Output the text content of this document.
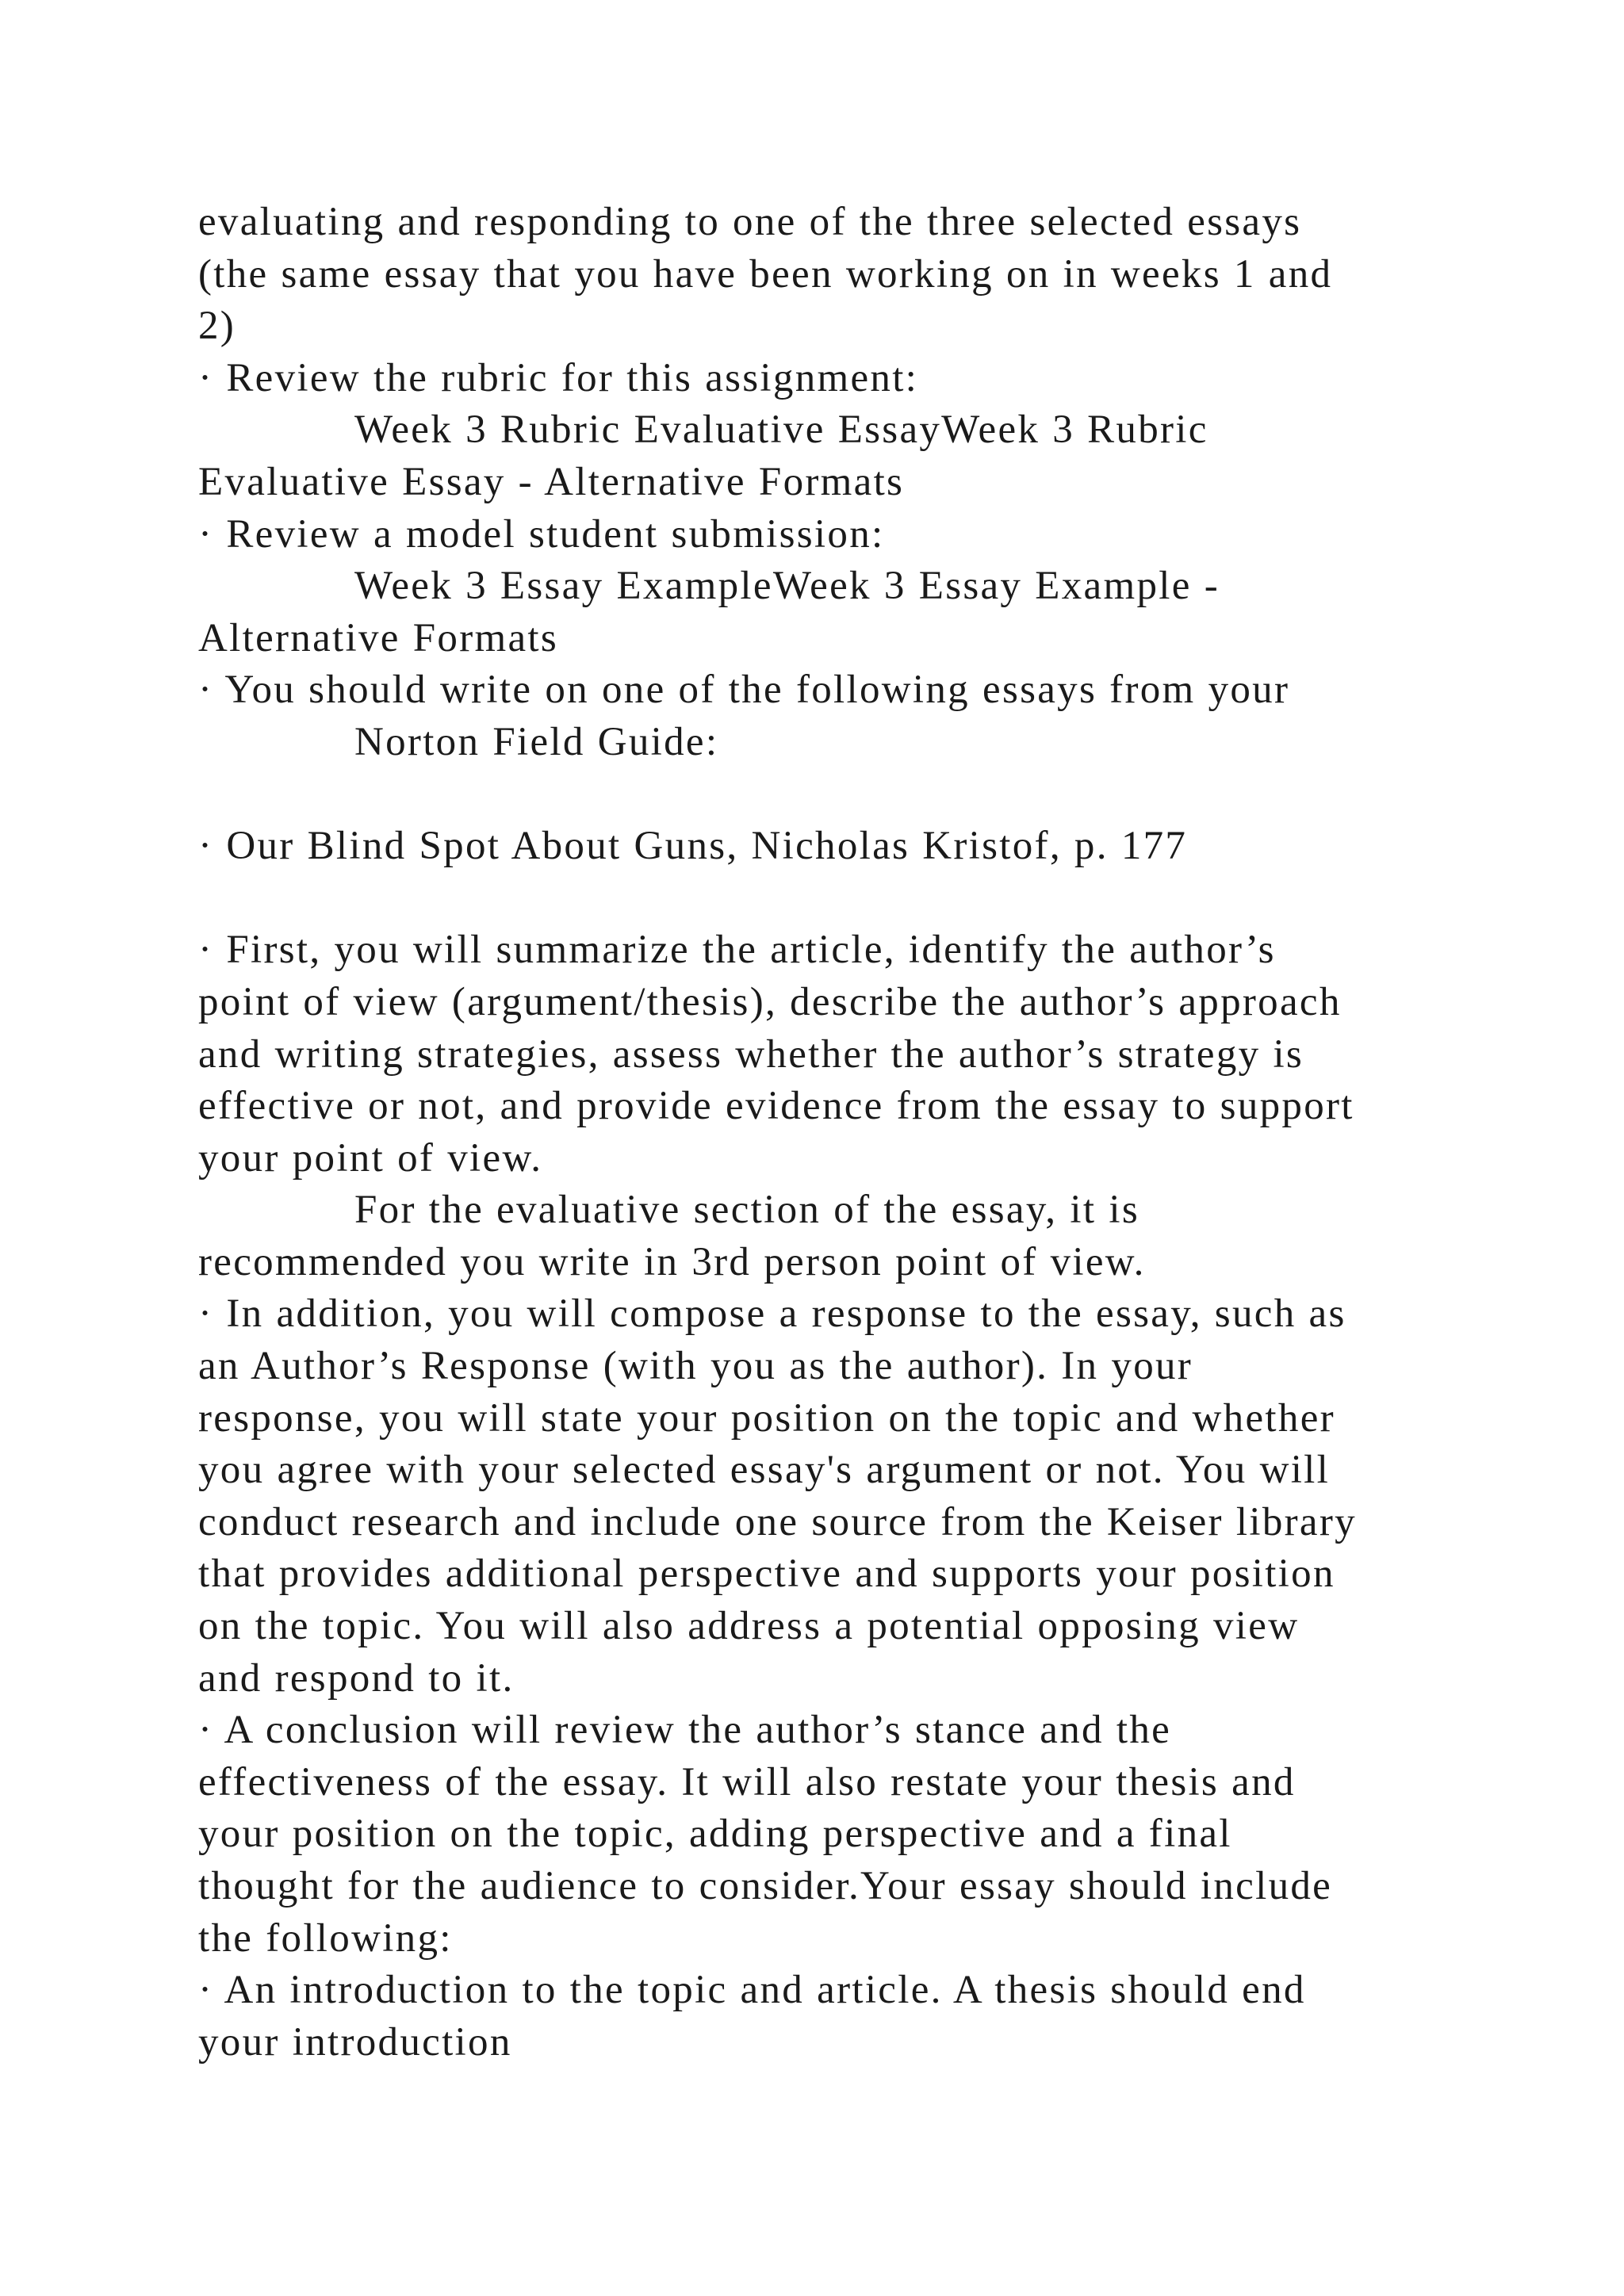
evaluating and responding to one of the three selected essays
(the same essay that you have been working on in weeks 1 and
2)
· Review the rubric for this assignment:
Week 3 Rubric Evaluative EssayWeek 3 Rubric
Evaluative Essay - Alternative Formats
· Review a model student submission:
Week 3 Essay ExampleWeek 3 Essay Example -
Alternative Formats
· You should write on one of the following essays from your
Norton Field Guide:
· Our Blind Spot About Guns, Nicholas Kristof, p. 177
· First, you will summarize the article, identify the author’s
point of view (argument/thesis), describe the author’s approach
and writing strategies, assess whether the author’s strategy is
effective or not, and provide evidence from the essay to support
your point of view.
For the evaluative section of the essay, it is
recommended you write in 3rd person point of view.
· In addition, you will compose a response to the essay, such as
an Author’s Response (with you as the author). In your
response, you will state your position on the topic and whether
you agree with your selected essay's argument or not. You will
conduct research and include one source from the Keiser library
that provides additional perspective and supports your position
on the topic. You will also address a potential opposing view
and respond to it.
· A conclusion will review the author’s stance and the
effectiveness of the essay. It will also restate your thesis and
your position on the topic, adding perspective and a final
thought for the audience to consider.Your essay should include
the following:
· An introduction to the topic and article. A thesis should end
your introduction
